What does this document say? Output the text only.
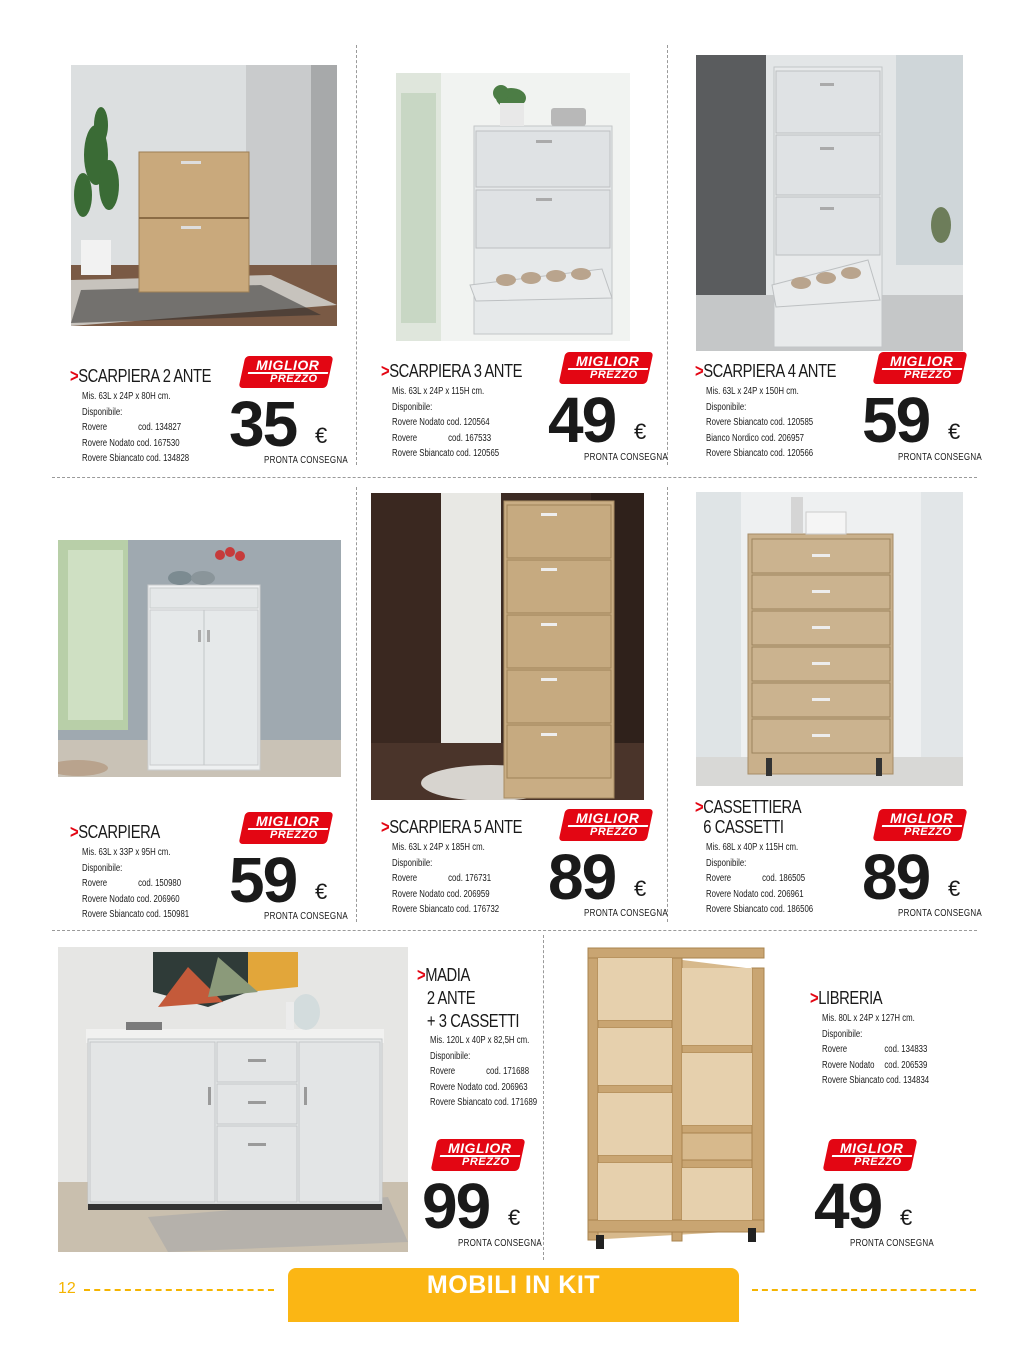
>SCARPIERA 2 ANTE
Mis. 63L x 24P x 80H cm.
Disponibile:
Rovere	cod. 134827
Rovere Nodato cod. 167530
Rovere Sbiancato cod. 134828
MIGLIOR
PREZZO
35 €
PRONTA CONSEGNA
>SCARPIERA 3 ANTE
Mis. 63L x 24P x 115H cm.
Disponibile:
Rovere Nodato cod. 120564
Rovere	cod. 167533
Rovere Sbiancato cod. 120565
MIGLIOR
PREZZO
49 €
PRONTA CONSEGNA
>SCARPIERA 4 ANTE
Mis. 63L x 24P x 150H cm.
Disponibile:
Rovere Sbiancato cod. 120585
Bianco Nordico cod. 206957
Rovere Sbiancato cod. 120566
MIGLIOR
PREZZO
59 €
PRONTA CONSEGNA
>SCARPIERA
Mis. 63L x 33P x 95H cm.
Disponibile:
Rovere	cod. 150980
Rovere Nodato cod. 206960
Rovere Sbiancato cod. 150981
MIGLIOR
PREZZO
59 €
PRONTA CONSEGNA
>SCARPIERA 5 ANTE
Mis. 63L x 24P x 185H cm.
Disponibile:
Rovere	cod. 176731
Rovere Nodato cod. 206959
Rovere Sbiancato cod. 176732
MIGLIOR
PREZZO
89 €
PRONTA CONSEGNA
>CASSETTIERA
6 CASSETTI
Mis. 68L x 40P x 115H cm.
Disponibile:
Rovere	cod. 186505
Rovere Nodato cod. 206961
Rovere Sbiancato cod. 186506
MIGLIOR
PREZZO
89 €
PRONTA CONSEGNA
>MADIA
2 ANTE
+ 3 CASSETTI
Mis. 120L x 40P x 82,5H cm.
Disponibile:
Rovere	cod. 171688
Rovere Nodato cod. 206963
Rovere Sbiancato cod. 171689
MIGLIOR
PREZZO
99 €
PRONTA CONSEGNA
>LIBRERIA
Mis. 80L x 24P x 127H cm.
Disponibile:
Rovere	cod. 134833
Rovere Nodato cod. 206539
Rovere Sbiancato cod. 134834
MIGLIOR
PREZZO
49 €
PRONTA CONSEGNA
12	MOBILI IN KIT
